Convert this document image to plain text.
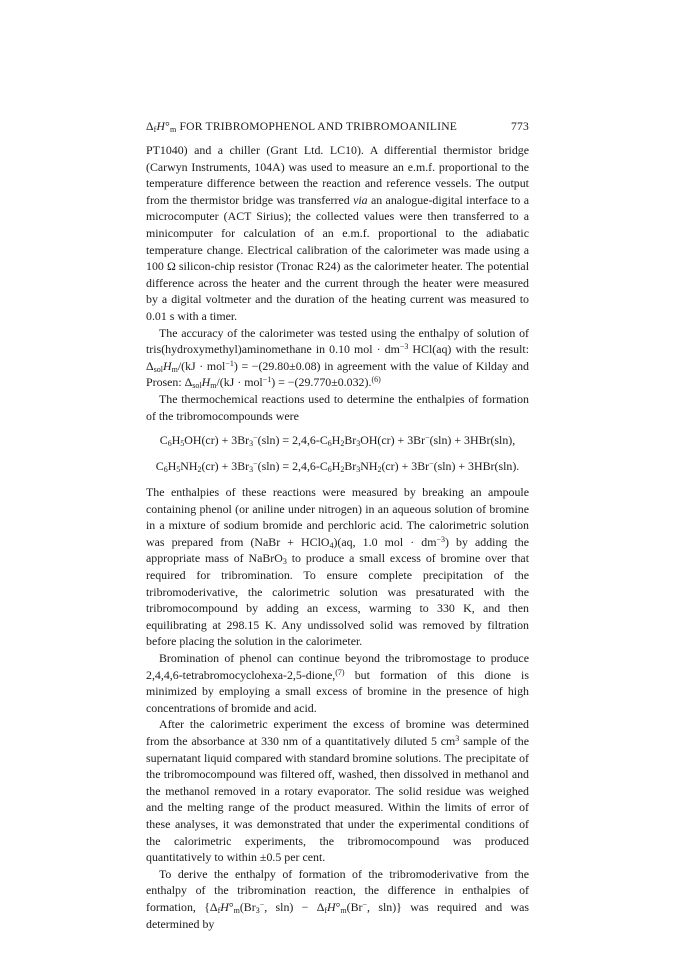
$\Delta_fH^\circ_m$ FOR TRIBROMOPHENOL AND TRIBROMOANILINE	773

PT1040) and a chiller (Grant Ltd. LC10). A differential thermistor bridge (Carwyn Instruments, 104A) was used to measure an e.m.f. proportional to the temperature difference between the reaction and reference vessels. The output from the thermistor bridge was transferred via an analogue-digital interface to a microcomputer (ACT Sirius); the collected values were then transferred to a minicomputer for calculation of an e.m.f. proportional to the adiabatic temperature change. Electrical calibration of the calorimeter was made using a 100 Ω silicon-chip resistor (Tronac R24) as the calorimeter heater. The potential difference across the heater and the current through the heater were measured by a digital voltmeter and the duration of the heating current was measured to 0.01 s with a timer.

The accuracy of the calorimeter was tested using the enthalpy of solution of tris(hydroxymethyl)aminomethane in 0.10 mol · $dm^{-3}$ HCl(aq) with the result: $\Delta_{sol}H_m/(kJ \cdot mol^{-1}) = -(29.80\pm 0.08)$ in agreement with the value of Kilday and Prosen: $\Delta_{sol}H_m/(kJ \cdot mol^{-1}) = -(29.770\pm 0.032).^{(6)}$

The thermochemical reactions used to determine the enthalpies of formation of the tribromocompounds were

$C_6H_5OH(cr) + 3Br_3^-(sln) = 2,4,6-C_6H_2Br_3OH(cr) + 3Br^-(sln) + 3HBr(sln)$,
$C_6H_5NH_2(cr) + 3Br_3^-(sln) = 2,4,6-C_6H_2Br_3NH_2(cr) + 3Br^-(sln) + 3HBr(sln)$.

The enthalpies of these reactions were measured by breaking an ampoule containing phenol (or aniline under nitrogen) in an aqueous solution of bromine in a mixture of sodium bromide and perchloric acid. The calorimetric solution was prepared from (NaBr + HClO$_4$)(aq, 1.0 mol · $dm^{-3}$) by adding the appropriate mass of NaBrO$_3$ to produce a small excess of bromine over that required for tribromination. To ensure complete precipitation of the tribromoderivative, the calorimetric solution was presaturated with the tribromocompound by adding an excess, warming to 330 K, and then equilibrating at 298.15 K. Any undissolved solid was removed by filtration before placing the solution in the calorimeter.

Bromination of phenol can continue beyond the tribromostage to produce 2,4,4,6-tetrabromocyclohexa-2,5-dione,$^{(7)}$ but formation of this dione is minimized by employing a small excess of bromine in the presence of high concentrations of bromide and acid.

After the calorimetric experiment the excess of bromine was determined from the absorbance at 330 nm of a quantitatively diluted 5 $cm^3$ sample of the supernatant liquid compared with standard bromine solutions. The precipitate of the tribromocompound was filtered off, washed, then dissolved in methanol and the methanol removed in a rotary evaporator. The solid residue was weighed and the melting range of the product measured. Within the limits of error of these analyses, it was demonstrated that under the experimental conditions of the calorimetric experiments, the tribromocompound was produced quantitatively to within ±0.5 per cent.

To derive the enthalpy of formation of the tribromoderivative from the enthalpy of the tribromination reaction, the difference in enthalpies of formation, {$\Delta_fH^\circ_m(Br_3^-$, $sln) - \Delta_fH^\circ_m(Br^-$, sln)} was required and was determined by
